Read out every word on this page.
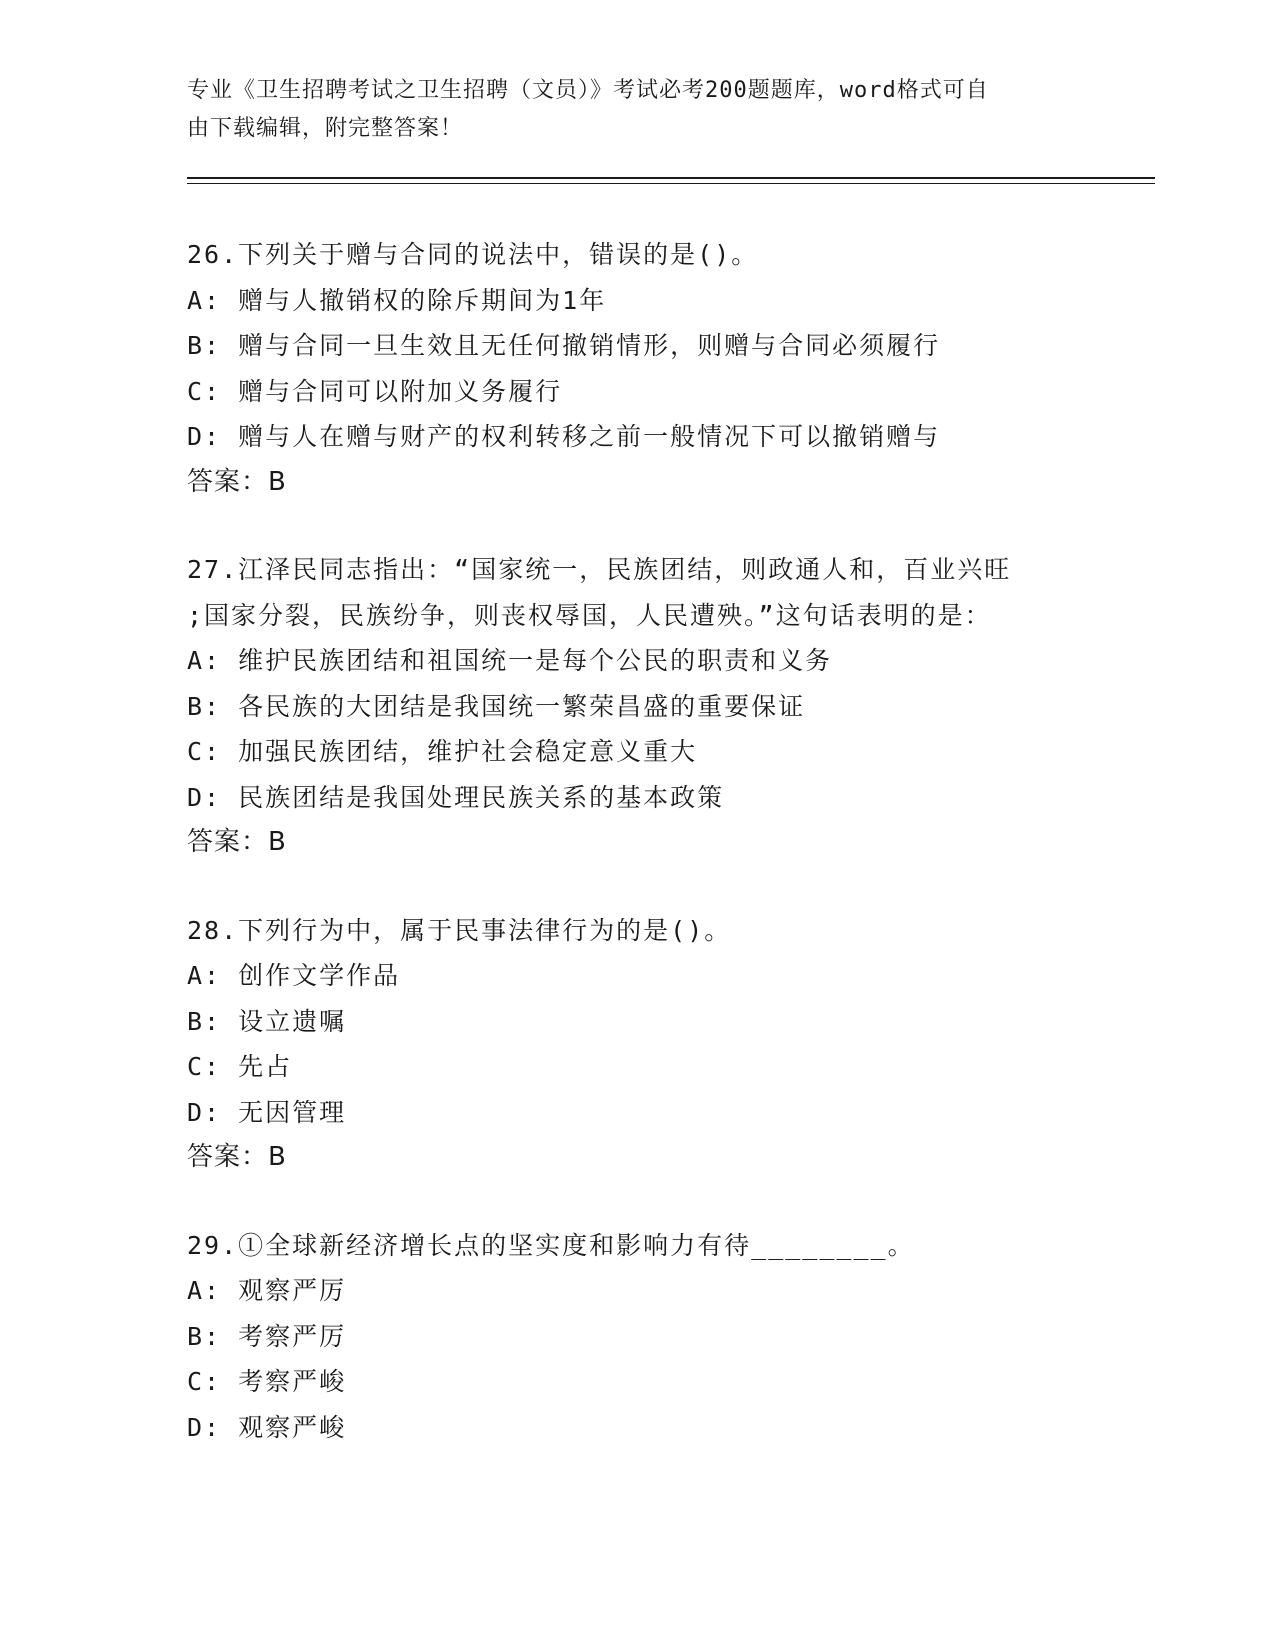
专业《卫生招聘考试之卫生招聘（文员）》考试必考200题题库，word格式可自
由下载编辑，附完整答案！
26.下列关于赠与合同的说法中，错误的是()。
A: 赠与人撤销权的除斥期间为1年
B: 赠与合同一旦生效且无任何撤销情形，则赠与合同必须履行
C: 赠与合同可以附加义务履行
D: 赠与人在赠与财产的权利转移之前一般情况下可以撤销赠与
答案：B
27.江泽民同志指出：“国家统一，民族团结，则政通人和，百业兴旺
;国家分裂，民族纷争，则丧权辱国，人民遭殃。”这句话表明的是：
A: 维护民族团结和祖国统一是每个公民的职责和义务
B: 各民族的大团结是我国统一繁荣昌盛的重要保证
C: 加强民族团结，维护社会稳定意义重大
D: 民族团结是我国处理民族关系的基本政策
答案：B
28.下列行为中，属于民事法律行为的是()。
A: 创作文学作品
B: 设立遗嘱
C: 先占
D: 无因管理
答案：B
29.①全球新经济增长点的坚实度和影响力有待________。
A: 观察严厉
B: 考察严厉
C: 考察严峻
D: 观察严峻
